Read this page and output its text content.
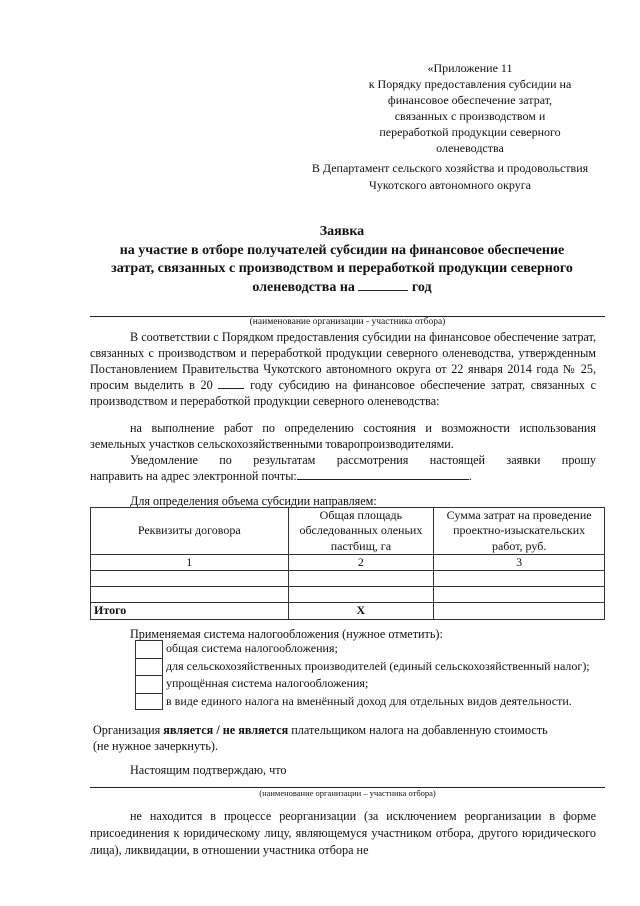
«Приложение 11
к Порядку предоставления субсидии на
финансовое обеспечение затрат,
связанных с производством и
переработкой продукции северного
оленеводства
В Департамент сельского хозяйства и продовольствия
Чукотского автономного округа
Заявка
на участие в отборе получателей субсидии на финансовое обеспечение
затрат, связанных с производством и переработкой продукции северного
оленеводства на	год
(наименование организации - участника отбора)
В соответствии с Порядком предоставления субсидии на финансовое обеспечение затрат, связанных с производством и переработкой продукции северного оленеводства, утвержденным Постановлением Правительства Чукотского автономного округа от 22 января 2014 года № 25, просим выделить в 20	году субсидию на финансовое обеспечение затрат, связанных с производством и переработкой продукции северного оленеводства:
на выполнение работ по определению состояния и возможности использования земельных участков сельскохозяйственными товаропроизводителями.
Уведомление по результатам рассмотрения настоящей заявки прошу
направить на адрес электронной почты:	.
Для определения объема субсидии направляем:
Реквизиты договора	Общая площадь обследованных оленьих пастбищ, га	Сумма затрат на проведение проектно-изыскательских работ, руб.
1	2	3

Итого	Х	
Применяемая система налогообложения (нужное отметить):
общая система налогообложения;
для сельскохозяйственных производителей (единый сельскохозяйственный налог);
упрощённая система налогообложения;
в виде единого налога на вменённый доход для отдельных видов деятельности.
Организация является / не является плательщиком налога на добавленную стоимость
(не нужное зачеркнуть).
Настоящим подтверждаю, что
(наименование организации – участника отбора)
не находится в процессе реорганизации (за исключением реорганизации в форме присоединения к юридическому лицу, являющемуся участником отбора, другого юридического лица), ликвидации, в отношении участника отбора не
